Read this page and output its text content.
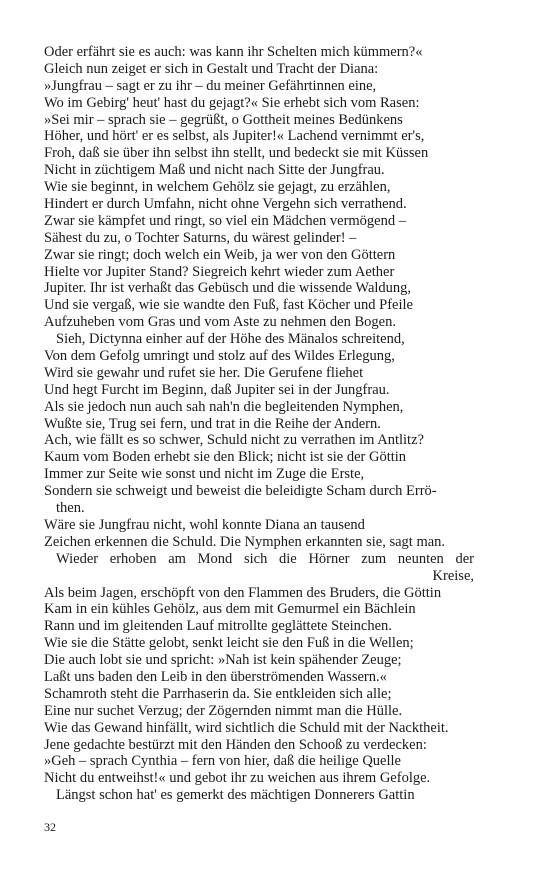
Oder erfährt sie es auch: was kann ihr Schelten mich kümmern?«
Gleich nun zeiget er sich in Gestalt und Tracht der Diana:
»Jungfrau – sagt er zu ihr – du meiner Gefährtinnen eine,
Wo im Gebirg' heut' hast du gejagt?« Sie erhebt sich vom Rasen:
»Sei mir – sprach sie – gegrüßt, o Gottheit meines Bedünkens
Höher, und hört' er es selbst, als Jupiter!« Lachend vernimmt er's,
Froh, daß sie über ihn selbst ihn stellt, und bedeckt sie mit Küssen
Nicht in züchtigem Maß und nicht nach Sitte der Jungfrau.
Wie sie beginnt, in welchem Gehölz sie gejagt, zu erzählen,
Hindert er durch Umfahn, nicht ohne Vergehn sich verrathend.
Zwar sie kämpfet und ringt, so viel ein Mädchen vermögend –
Sähest du zu, o Tochter Saturns, du wärest gelinder! –
Zwar sie ringt; doch welch ein Weib, ja wer von den Göttern
Hielte vor Jupiter Stand? Siegreich kehrt wieder zum Aether
Jupiter. Ihr ist verhaßt das Gebüsch und die wissende Waldung,
Und sie vergaß, wie sie wandte den Fuß, fast Köcher und Pfeile
Aufzuheben vom Gras und vom Aste zu nehmen den Bogen.
Sieh, Dictynna einher auf der Höhe des Mänalos schreitend,
Von dem Gefolg umringt und stolz auf des Wildes Erlegung,
Wird sie gewahr und rufet sie her. Die Gerufene fliehet
Und hegt Furcht im Beginn, daß Jupiter sei in der Jungfrau.
Als sie jedoch nun auch sah nah'n die begleitenden Nymphen,
Wußte sie, Trug sei fern, und trat in die Reihe der Andern.
Ach, wie fällt es so schwer, Schuld nicht zu verrathen im Antlitz?
Kaum vom Boden erhebt sie den Blick; nicht ist sie der Göttin
Immer zur Seite wie sonst und nicht im Zuge die Erste,
Sondern sie schweigt und beweist die beleidigte Scham durch Errö-
then.
Wäre sie Jungfrau nicht, wohl konnte Diana an tausend
Zeichen erkennen die Schuld. Die Nymphen erkannten sie, sagt man.
Wieder erhoben am Mond sich die Hörner zum neunten der
Kreise,
Als beim Jagen, erschöpft von den Flammen des Bruders, die Göttin
Kam in ein kühles Gehölz, aus dem mit Gemurmel ein Bächlein
Rann und im gleitenden Lauf mitrollte geglättete Steinchen.
Wie sie die Stätte gelobt, senkt leicht sie den Fuß in die Wellen;
Die auch lobt sie und spricht: »Nah ist kein spähender Zeuge;
Laßt uns baden den Leib in den überströmenden Wassern.«
Schamroth steht die Parrhaserin da. Sie entkleiden sich alle;
Eine nur suchet Verzug; der Zögernden nimmt man die Hülle.
Wie das Gewand hinfällt, wird sichtlich die Schuld mit der Nacktheit.
Jene gedachte bestürzt mit den Händen den Schooß zu verdecken:
»Geh – sprach Cynthia – fern von hier, daß die heilige Quelle
Nicht du entweihst!« und gebot ihr zu weichen aus ihrem Gefolge.
Längst schon hat' es gemerkt des mächtigen Donnerers Gattin
32
